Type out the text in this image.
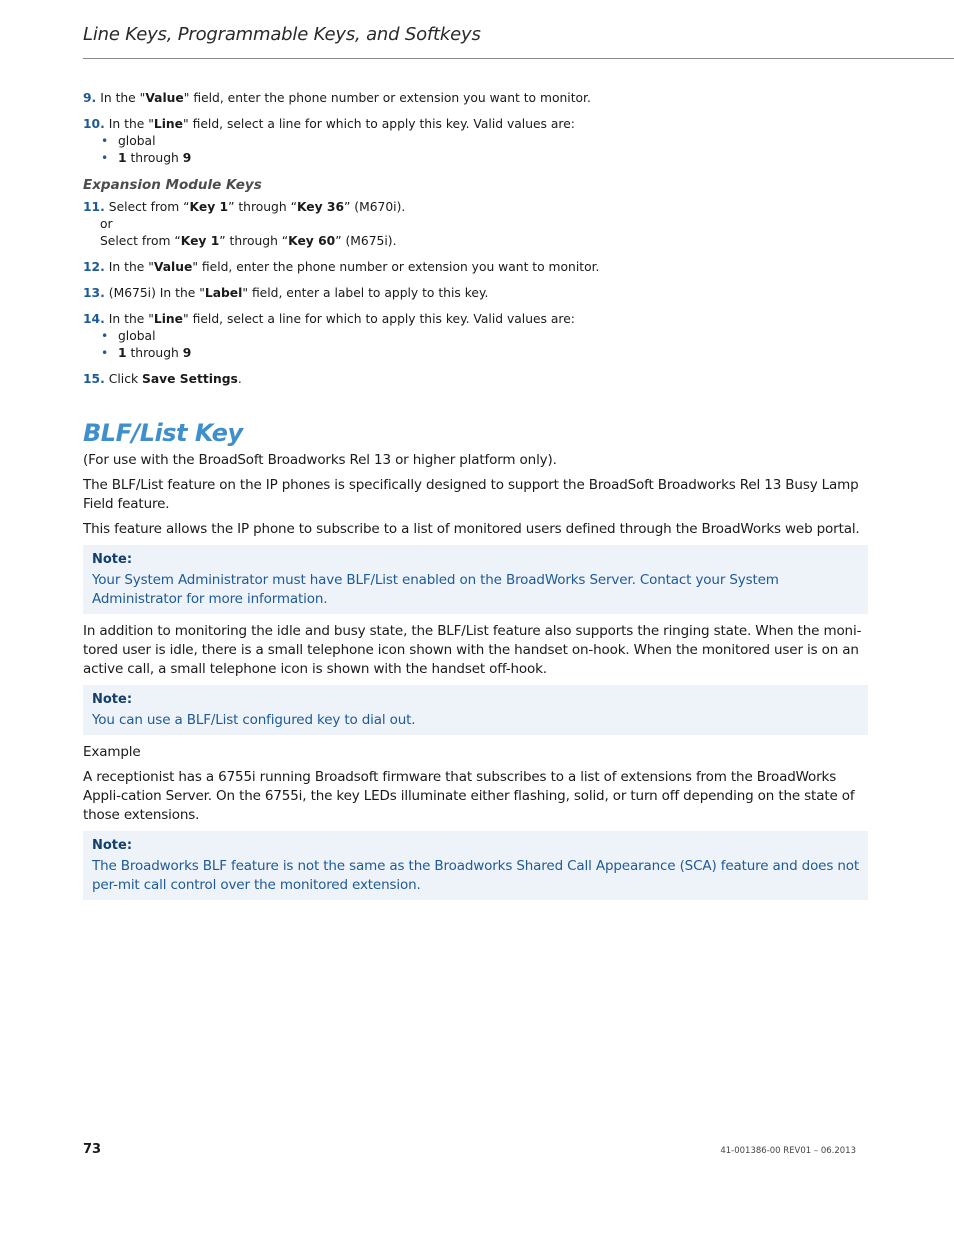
Line Keys, Programmable Keys, and Softkeys

9. In the "Value" field, enter the phone number or extension you want to monitor.

10. In the "Line" field, select a line for which to apply this key. Valid values are:
• global
• 1 through 9
Expansion Module Keys
11. Select from “Key 1” through “Key 36” (M670i).
or
Select from “Key 1” through “Key 60” (M675i).

12. In the "Value" field, enter the phone number or extension you want to monitor.

13. (M675i) In the "Label" field, enter a label to apply to this key.

14. In the "Line" field, select a line for which to apply this key. Valid values are:
• global
• 1 through 9

15. Click Save Settings.

BLF/List Key

(For use with the BroadSoft Broadworks Rel 13 or higher platform only).

The BLF/List feature on the IP phones is specifically designed to support the BroadSoft Broadworks Rel 13 Busy Lamp Field feature.

This feature allows the IP phone to subscribe to a list of monitored users defined through the BroadWorks web portal.

Note:
Your System Administrator must have BLF/List enabled on the BroadWorks Server. Contact your System Administrator for more information.

In addition to monitoring the idle and busy state, the BLF/List feature also supports the ringing state. When the moni-tored user is idle, there is a small telephone icon shown with the handset on-hook. When the monitored user is on an active call, a small telephone icon is shown with the handset off-hook.

Note:
You can use a BLF/List configured key to dial out.

Example

A receptionist has a 6755i running Broadsoft firmware that subscribes to a list of extensions from the BroadWorks Appli-cation Server. On the 6755i, the key LEDs illuminate either flashing, solid, or turn off depending on the state of those extensions.

Note:
The Broadworks BLF feature is not the same as the Broadworks Shared Call Appearance (SCA) feature and does not per-mit call control over the monitored extension.
73	41-001386-00 REV01 – 06.2013
